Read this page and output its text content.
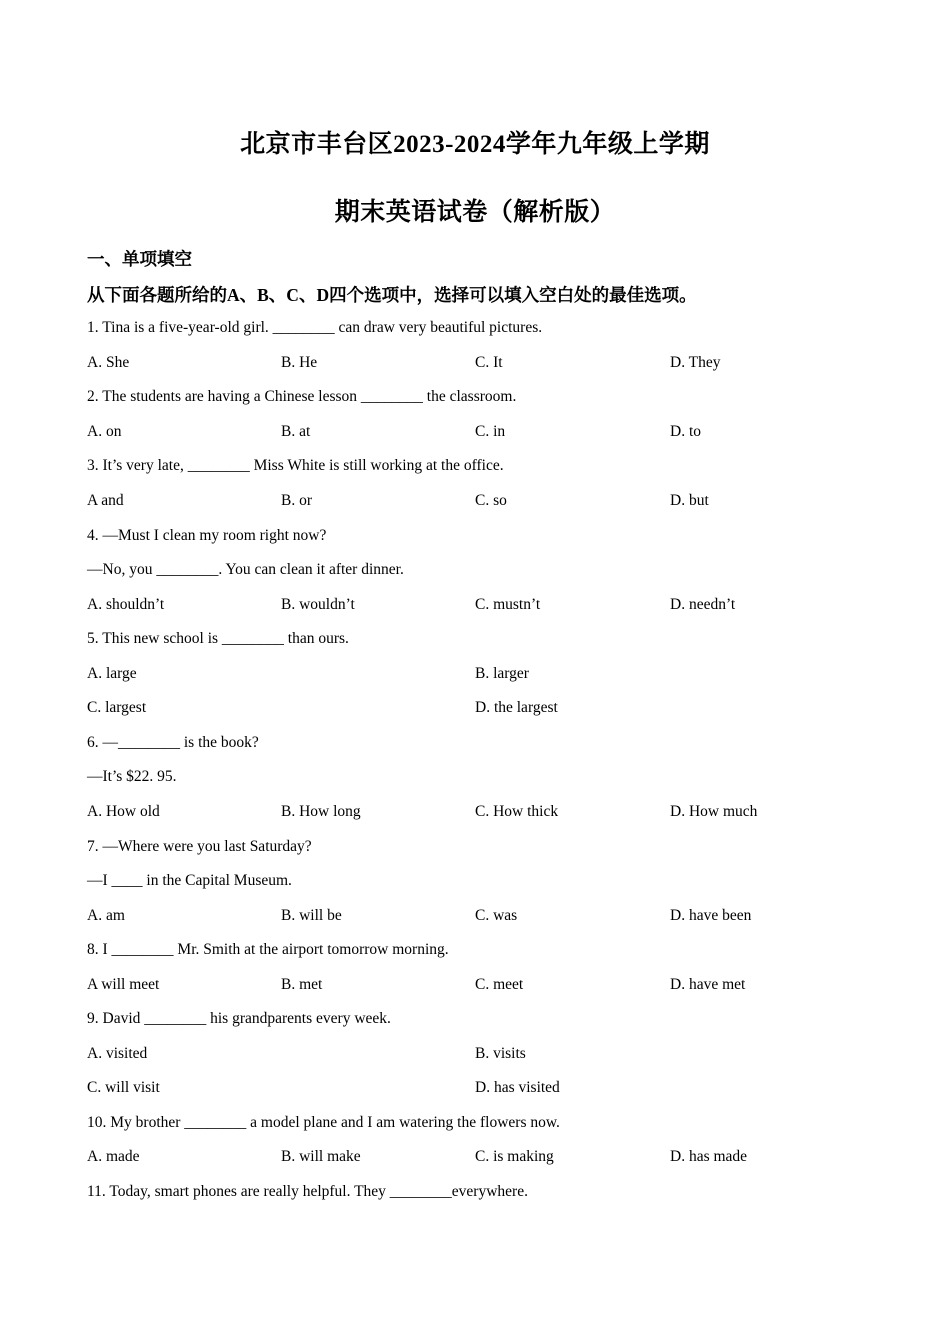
北京市丰台区2023-2024学年九年级上学期
期末英语试卷（解析版）
一、单项填空
从下面各题所给的A、B、C、D四个选项中，选择可以填入空白处的最佳选项。
1. Tina is a five-year-old girl. ________ can draw very beautiful pictures.
A. She	B. He	C. It	D. They
2. The students are having a Chinese lesson ________ the classroom.
A. on	B. at	C. in	D. to
3. It’s very late, ________ Miss White is still working at the office.
A and	B. or	C. so	D. but
4. —Must I clean my room right now?
—No, you ________. You can clean it after dinner.
A. shouldn’t	B. wouldn’t	C. mustn’t	D. needn’t
5. This new school is ________ than ours.
A. large	B. larger
C. largest	D. the largest
6. —________ is the book?
—It’s $22. 95.
A. How old	B. How long	C. How thick	D. How much
7. —Where were you last Saturday?
—I ____ in the Capital Museum.
A. am	B. will be	C. was	D. have been
8. I ________ Mr. Smith at the airport tomorrow morning.
A will meet	B. met	C. meet	D. have met
9. David ________ his grandparents every week.
A. visited	B. visits
C. will visit	D. has visited
10. My brother ________ a model plane and I am watering the flowers now.
A. made	B. will make	C. is making	D. has made
11. Today, smart phones are really helpful. They ________everywhere.
